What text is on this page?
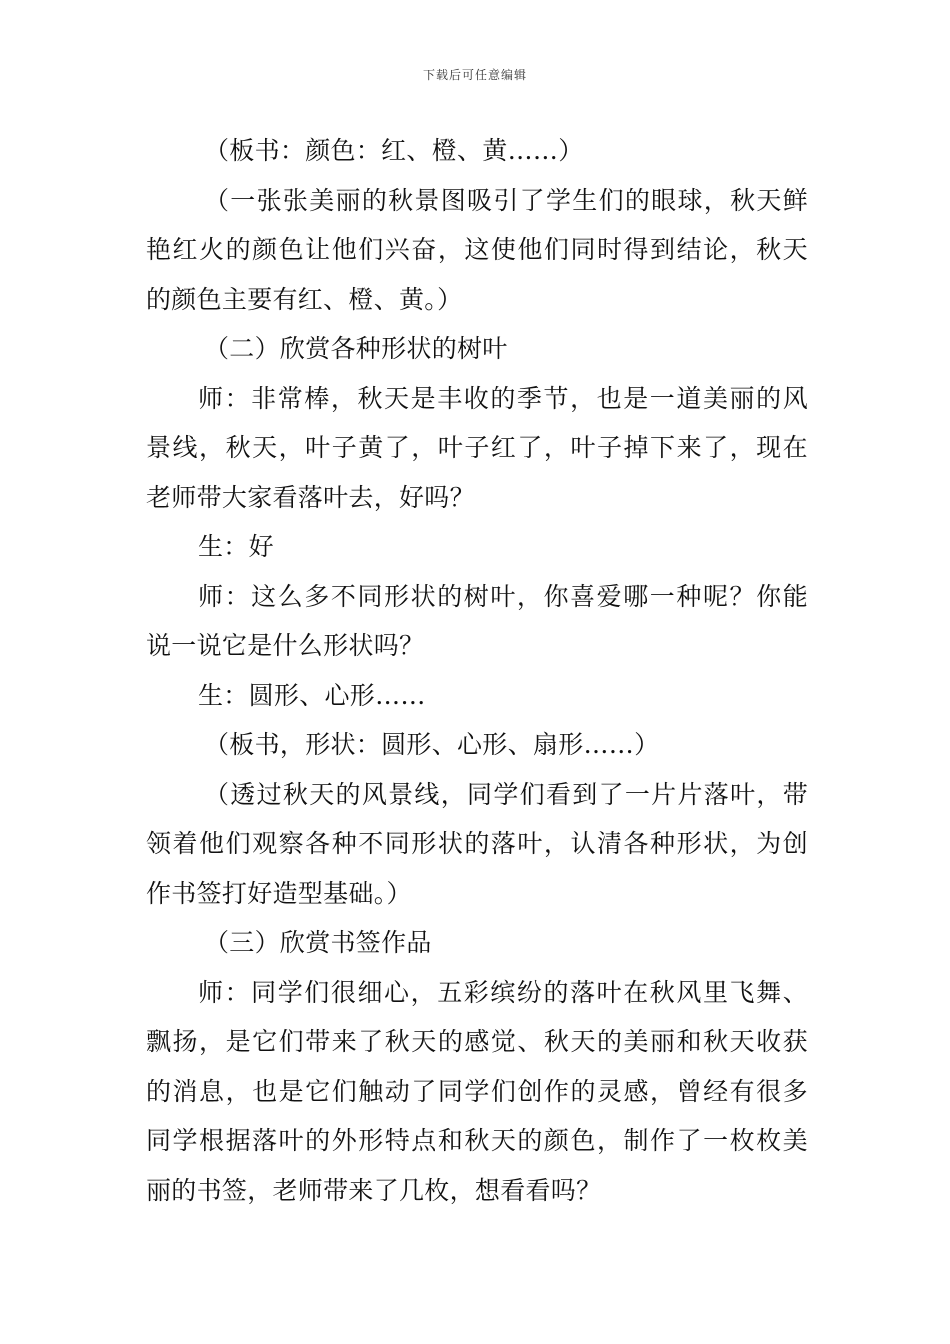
下载后可任意编辑
（板书：颜色：红、橙、黄……）
（一张张美丽的秋景图吸引了学生们的眼球，秋天鲜
艳红火的颜色让他们兴奋，这使他们同时得到结论，秋天
的颜色主要有红、橙、黄。）
（二）欣赏各种形状的树叶
师：非常棒，秋天是丰收的季节，也是一道美丽的风
景线，秋天，叶子黄了，叶子红了，叶子掉下来了，现在
老师带大家看落叶去，好吗？
生：好
师：这么多不同形状的树叶，你喜爱哪一种呢？你能
说一说它是什么形状吗？
生：圆形、心形……
（板书，形状：圆形、心形、扇形……）
（透过秋天的风景线，同学们看到了一片片落叶，带
领着他们观察各种不同形状的落叶，认清各种形状，为创
作书签打好造型基础。）
（三）欣赏书签作品
师：同学们很细心，五彩缤纷的落叶在秋风里飞舞、
飘扬，是它们带来了秋天的感觉、秋天的美丽和秋天收获
的消息，也是它们触动了同学们创作的灵感，曾经有很多
同学根据落叶的外形特点和秋天的颜色，制作了一枚枚美
丽的书签，老师带来了几枚，想看看吗？
